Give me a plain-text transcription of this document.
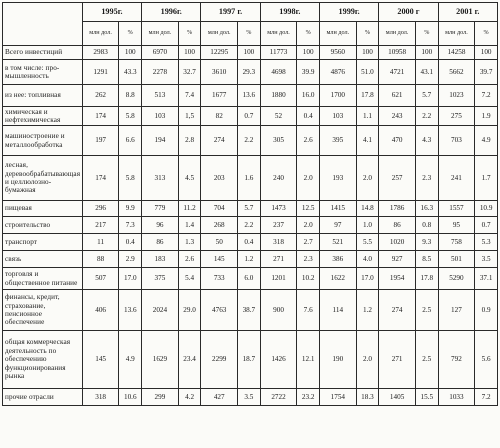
	1995г.		1996г.		1997 г.		1998г.		1999г.		2000 г		2001 г.	
	млн дол.	%	млн дол.	%	млн дол.	%	млн дол.	%	млн дол.	%	млн дол.	%	млн дол.	%
Всего инвестиций	2983	100	6970	100	12295	100	11773	100	9560	100	10958	100	14258	100
в том числе: про-мышленность	1291	43.3	2278	32.7	3610	29.3	4698	39.9	4876	51.0	4721	43.1	5662	39.7
из нее: топливная	262	8.8	513	7.4	1677	13.6	1880	16.0	1700	17.8	621	5.7	1023	7.2
химическая и нефтехимическая	174	5.8	103	1,5	82	0.7	52	0.4	103	1.1	243	2.2	275	1.9
машиностроение и металлообработка	197	6.6	194	2.8	274	2.2	305	2.6	395	4.1	470	4.3	703	4.9
лесная, деревообрабатывающая и целлюлозно-бумажная	174	5.8	313	4.5	203	1.6	240	2.0	193	2.0	257	2.3	241	1.7
пищевая	296	9.9	779	11.2	704	5.7	1473	12.5	1415	14.8	1786	16.3	1557	10.9
строительство	217	7.3	96	1.4	268	2.2	237	2.0	97	1.0	86	0.8	95	0.7
транспорт	11	0.4	86	1.3	50	0.4	318	2.7	521	5.5	1020	9.3	758	5.3
связь	88	2.9	183	2.6	145	1.2	271	2.3	386	4.0	927	8.5	501	3.5
торговля и общественное питание	507	17.0	375	5.4	733	6.0	1201	10.2	1622	17.0	1954	17.8	5290	37.1
финансы, кредит, страхование, пенсионное обеспечение	406	13.6	2024	29.0	4763	38.7	900	7.6	114	1.2	274	2.5	127	0.9
общая коммерческая деятельность по обеспечению функционирования рынка	145	4.9	1629	23.4	2299	18.7	1426	12.1	190	2.0	271	2.5	792	5.6
прочие отрасли	318	10.6	299	4.2	427	3.5	2722	23.2	1754	18.3	1405	15.5	1033	7.2
